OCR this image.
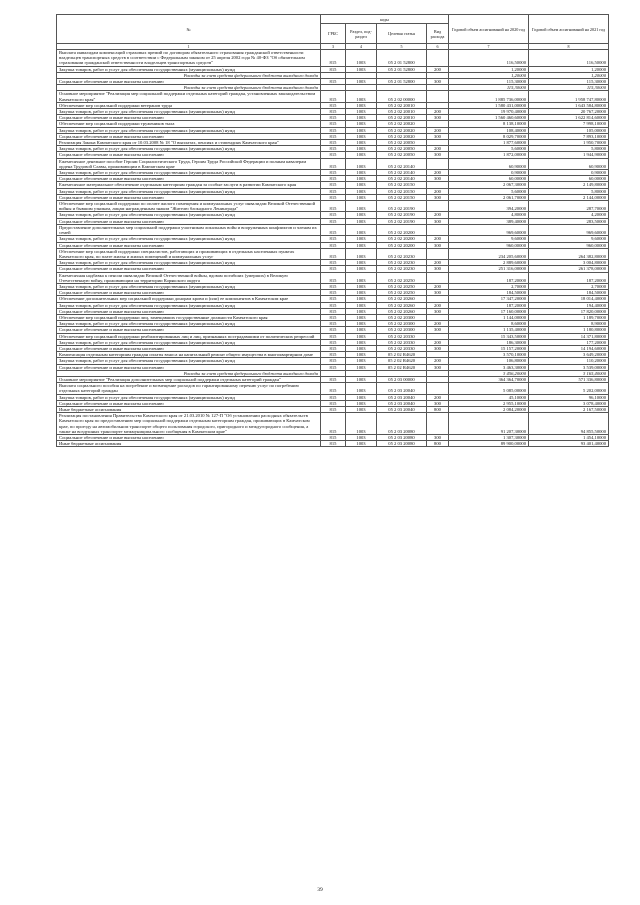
№	коды				Годовой объем ассигнований на 2020 год	Годовой объем ассигнований на 2021 год
	ГРБС	Раздел, под-раздел	Целевая статья	Вид расхода		
1	3	4	5	6	7	8
Выплата инвалидам компенсаций страховых премий по договорам обязательного страхования гражданской ответственности владельцев транспортных средств в соответствии с Федеральным законом от 25 апреля 2002 года № 40-ФЗ "Об обязательном страховании гражданской ответственности владельцев транспортных средств"	815	1003	05 2 01 52800		116,50000	116,50000
Закупка товаров, работ и услуг для обеспечения государственных (муниципальных) нужд	815	1003	05 2 01 52800	200	1,20000	1,20000
Расходы за счет средств федерального бюджета выходного дохода					1,20000	1,20000
Социальное обеспечение и иные выплаты населению	815	1003	05 2 01 52800	300	115,30000	115,30000
Расходы за счет средств федерального бюджета выходного дохода					115,30000	115,30000
Основное мероприятие "Реализация мер социальной поддержки отдельных категорий граждан, установленных законодательством Камчатского края"	815	1003	05 2 02 00000		1 885 736,00000	1 958 747,80000
Обеспечение мер социальной поддержки ветеранов труда	815	1003	05 2 02 20010		1 580 431,00000	1 643 584,80000
Закупка товаров, работ и услуг для обеспечения государственных (муниципальных) нужд	815	1003	05 2 02 20010	200	19 970,40000	20 767,20000
Социальное обеспечение и иные выплаты населению	815	1003	05 2 02 20010	300	1 560 460,60000	1 622 814,60000
Обеспечение мер социальной поддержки тружеников тыла	815	1003	05 2 02 20020		8 138,10000	7 998,10000
Закупка товаров, работ и услуг для обеспечения государственных (муниципальных) нужд	815	1003	05 2 02 20020	200	108,40000	105,00000
Социальное обеспечение и иные выплаты населению	815	1003	05 2 02 20020	300	8 029,70000	7 893,10000
Реализация Закона Камчатского края от 10.03.2008 № 18 "О выплатах, пенсиях и стипендиях Камчатского края"	815	1003	05 2 02 20050		1 877,60000	1 950,70000
Закупка товаров, работ и услуг для обеспечения государственных (муниципальных) нужд	815	1003	05 2 02 20050	200	5,60000	5,80000
Социальное обеспечение и иные выплаты населению	815	1003	05 2 02 20050	300	1 872,00000	1 944,90000
Ежемесячное денежное пособие Героям Социалистического Труда, Героям Труда Российской Федерации и полным кавалерам ордена Трудовой Славы, проживающим в Камчатском крае	815	1003	05 2 02 20140		60,90000	60,90000
Закупка товаров, работ и услуг для обеспечения государственных (муниципальных) нужд	815	1003	05 2 02 20140	200	0,90000	0,90000
Социальное обеспечение и иные выплаты населению	815	1003	05 2 02 20140	300	60,00000	60,00000
Ежемесячное материальное обеспечение отдельным категориям граждан за особые заслуги в развитии Камчатского края	815	1003	05 2 02 20150		2 067,30000	2 149,80000
Закупка товаров, работ и услуг для обеспечения государственных (муниципальных) нужд	815	1003	05 2 02 20150	200	5,60000	5,80000
Социальное обеспечение и иные выплаты населению	815	1003	05 2 02 20150	300	2 061,70000	2 144,00000
Обеспечение мер социальной поддержки по оплате жилого помещения и коммунальных услуг инвалидам Великой Отечественной войны и бывшим узникам, лицам награжденным знаком "Жителю блокадного Ленинграда"	815	1003	05 2 02 20190		394,20000	287,70000
Закупка товаров, работ и услуг для обеспечения государственных (муниципальных) нужд	815	1003	05 2 02 20190	200	4,80000	4,20000
Социальное обеспечение и иные выплаты населению	815	1003	05 2 02 20190	300	389,40000	283,50000
Предоставление дополнительных мер социальной поддержки участникам локальных войн и вооруженных конфликтов и членам их семей	815	1003	05 2 02 20200		969,60000	969,60000
Закупка товаров, работ и услуг для обеспечения государственных (муниципальных) нужд	815	1003	05 2 02 20200	200	9,60000	9,60000
Социальное обеспечение и иные выплаты населению	815	1003	05 2 02 20200	300	960,00000	960,00000
Обеспечение мер социальной поддержки специалистов, работающих и проживающих в отдельных населенных пунктах Камчатского края, по плате жилья и жилых помещений и коммунальных услуг	815	1003	05 2 02 20230		234 205,60000	264 382,80000
Закупка товаров, работ и услуг для обеспечения государственных (муниципальных) нужд	815	1003	05 2 02 20230	200	2 889,60000	3 004,80000
Социальное обеспечение и иные выплаты населению	815	1003	05 2 02 20230	300	251 316,00000	261 378,00000
Ежемесячная надбавка к пенсии инвалидам Великой Отечественной войны, вдовам погибших (умерших) в Великую Отечественную войну, проживающим на территории Корякского округа	815	1003	05 2 02 20250		187,20000	187,20000
Закупка товаров, работ и услуг для обеспечения государственных (муниципальных) нужд	815	1003	05 2 02 20250	200	2,70000	2,70000
Социальное обеспечение и иные выплаты населению	815	1003	05 2 02 20250	300	184,50000	184,50000
Обеспечение дополнительных мер социальной поддержки донорам крови и (или) ее компонентов в Камчатском крае	815	1003	05 2 02 20260		17 347,20000	18 014,40000
Закупка товаров, работ и услуг для обеспечения государственных (муниципальных) нужд	815	1003	05 2 02 20260	200	187,20000	194,40000
Социальное обеспечение и иные выплаты населению	815	1003	05 2 02 20260	300	17 160,00000	17 820,00000
Обеспечение мер социальной поддержки лиц, замещавших государственные должности Камчатского края	815	1003	05 2 02 20300		1 144,00000	1 189,70000
Закупка товаров, работ и услуг для обеспечения государственных (муниципальных) нужд	815	1003	05 2 02 20300	200	8,60000	8,90000
Социальное обеспечение и иные выплаты населению	815	1003	05 2 02 20300	300	1 135,40000	1 180,80000
Обеспечение мер социальной поддержки реабилитированных лиц и лиц, признанных пострадавшими от политических репрессий	815	1003	05 2 02 20330		15 343,50000	14 371,80000
Закупка товаров, работ и услуг для обеспечения государственных (муниципальных) нужд	815	1003	05 2 02 20330	200	186,30000	177,20000
Социальное обеспечение и иные выплаты населению	815	1003	05 2 02 20330	300	15 157,20000	14 194,60000
Компенсация отдельным категориям граждан оплаты взноса на капитальный ремонт общего имущества в многоквартирном доме	815	1003	05 2 02 R4620		3 570,10000	3 649,20000
Закупка товаров, работ и услуг для обеспечения государственных (муниципальных) нужд	815	1003	05 2 02 R4620	200	106,80000	110,20000
Социальное обеспечение и иные выплаты населению	815	1003	05 2 02 R4620	300	3 463,30000	3 539,00000
Расходы за счет средств федерального бюджета выходного дохода					3 456,20000	3 165,40000
Основное мероприятие "Реализация дополнительных мер социальной поддержки отдельных категорий граждан"	815	1003	05 2 03 00000		364 364,70000	571 336,80000
Выплата социального пособия на погребение и возмещение расходов по гарантированному перечню услуг по погребению отдельных категорий граждан	815	1003	05 2 03 20040		5 085,00000	5 202,00000
Закупка товаров, работ и услуг для обеспечения государственных (муниципальных) нужд	815	1003	05 2 03 20040	200	45,10000	96,10000
Социальное обеспечение и иные выплаты населению	815	1003	05 2 03 20040	300	2 955,10000	3 078,40000
Иные бюджетные ассигнования	815	1003	05 2 03 20040	800	2 084,20000	2 167,50000
Реализация постановления Правительства Камчатского края от 21.03.2010 № 127-П "Об установлении расходных обязательств Камчатского края по предоставлению мер социальной поддержки отдельным категориям граждан, проживающих в Камчатском крае, по проезду на автомобильном транспорте общего пользования городского, пригородного и междугородного сообщения, а также на воздушных транспорте межмуниципального сообщения в Камчатском крае"	815	1003	05 2 03 20080		91 207,30000	94 855,50000
Социальное обеспечение и иные выплаты населению	815	1003	05 2 03 20080	300	1 307,30000	1 454,10000
Иные бюджетные ассигнования	815	1003	05 2 03 20080	800	89 900,00000	93 401,40000
39
